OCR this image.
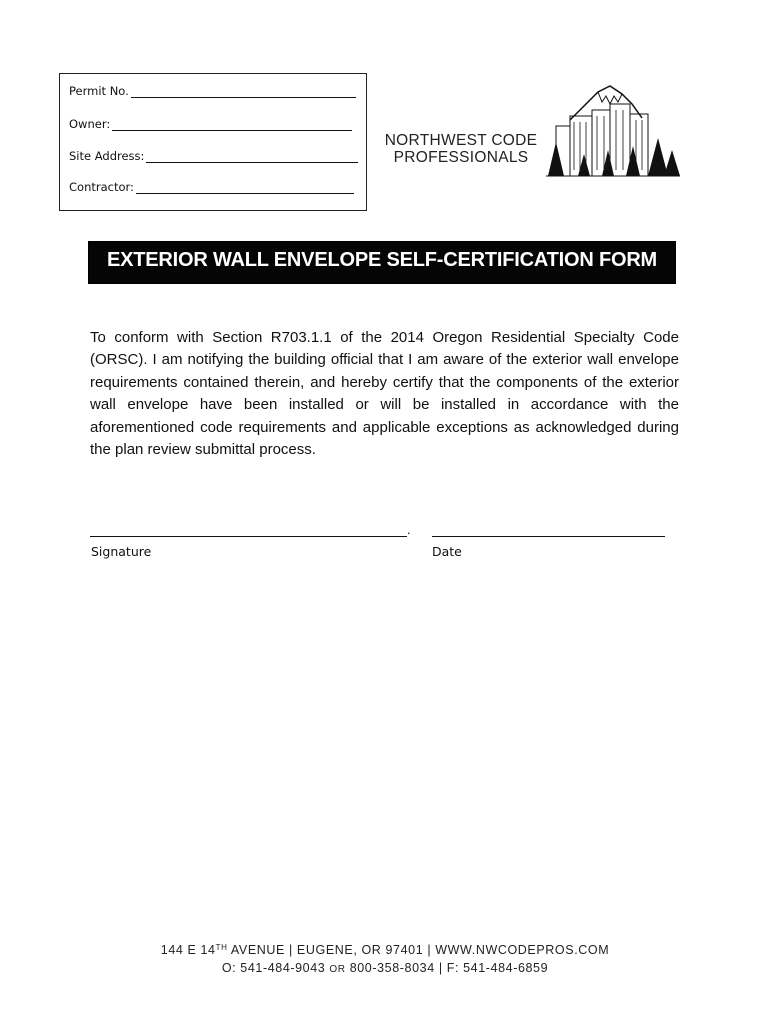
Permit No.
Owner:
Site Address:
Contractor:
NORTHWEST CODE
PROFESSIONALS
EXTERIOR WALL ENVELOPE SELF-CERTIFICATION FORM
To conform with Section R703.1.1 of the 2014 Oregon Residential Specialty Code (ORSC). I am notifying the building official that I am aware of the exterior wall envelope requirements contained therein, and hereby certify that the components of the exterior wall envelope have been installed or will be installed in accordance with the aforementioned code requirements and applicable exceptions as acknowledged during the plan review submittal process.
.
Signature	Date
144 E 14TH AVENUE | EUGENE, OR 97401 | WWW.NWCODEPROS.COM
O: 541-484-9043 OR 800-358-8034 | F: 541-484-6859
